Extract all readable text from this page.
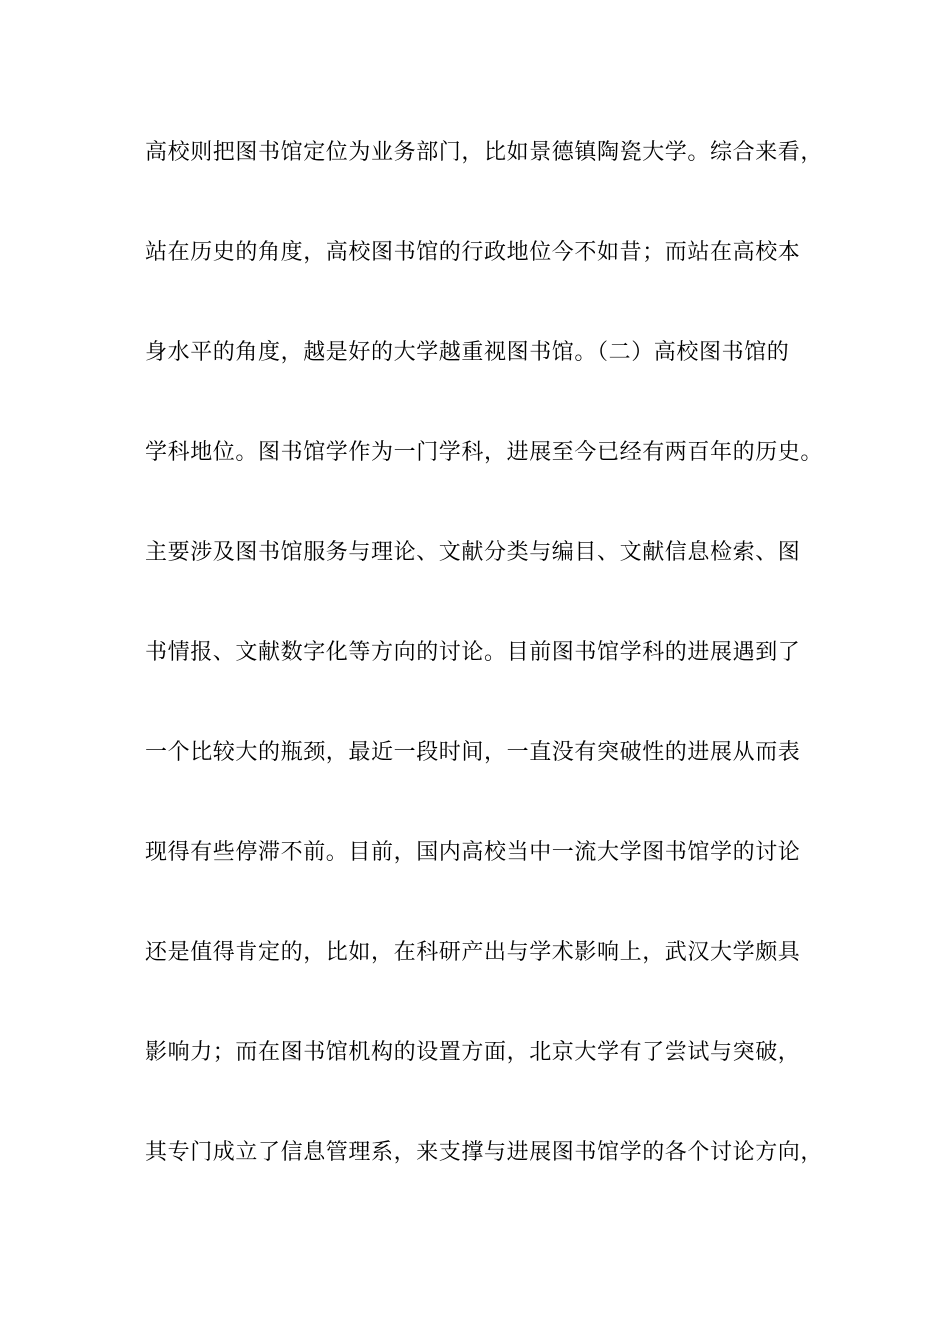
高校则把图书馆定位为业务部门，比如景德镇陶瓷大学。综合来看，
站在历史的角度，高校图书馆的行政地位今不如昔；而站在高校本
身水平的角度，越是好的大学越重视图书馆。（二）高校图书馆的
学科地位。图书馆学作为一门学科，进展至今已经有两百年的历史。
主要涉及图书馆服务与理论、文献分类与编目、文献信息检索、图
书情报、文献数字化等方向的讨论。目前图书馆学科的进展遇到了
一个比较大的瓶颈，最近一段时间，一直没有突破性的进展从而表
现得有些停滞不前。目前，国内高校当中一流大学图书馆学的讨论
还是值得肯定的，比如，在科研产出与学术影响上，武汉大学颇具
影响力；而在图书馆机构的设置方面，北京大学有了尝试与突破，
其专门成立了信息管理系，来支撑与进展图书馆学的各个讨论方向，
